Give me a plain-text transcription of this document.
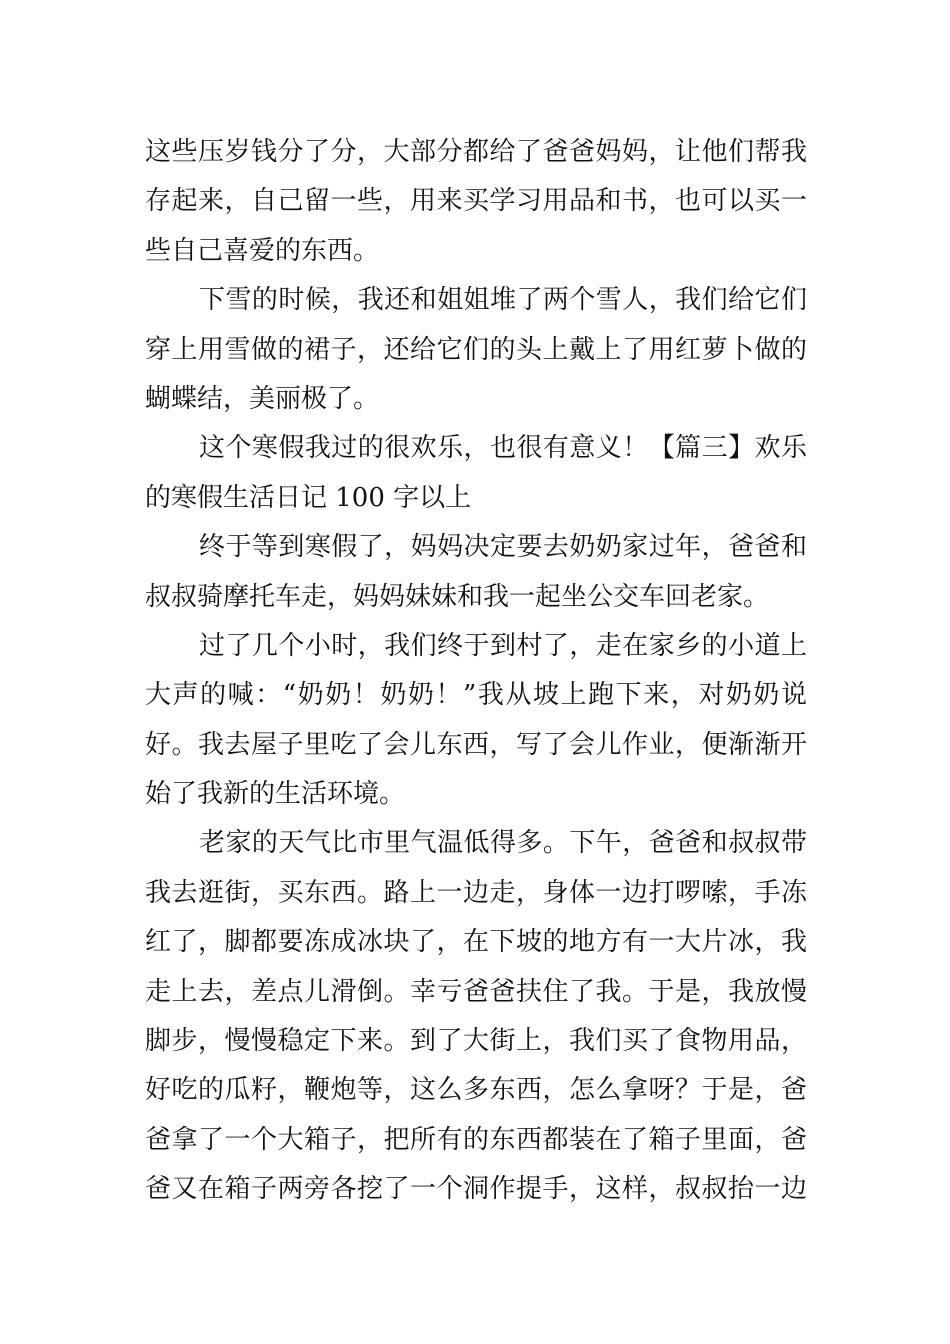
这些压岁钱分了分，大部分都给了爸爸妈妈，让他们帮我
存起来，自己留一些，用来买学习用品和书，也可以买一
些自己喜爱的东西。
下雪的时候，我还和姐姐堆了两个雪人，我们给它们
穿上用雪做的裙子，还给它们的头上戴上了用红萝卜做的
蝴蝶结，美丽极了。
这个寒假我过的很欢乐，也很有意义！【篇三】欢乐
的寒假生活日记 100 字以上
终于等到寒假了，妈妈决定要去奶奶家过年，爸爸和
叔叔骑摩托车走，妈妈妹妹和我一起坐公交车回老家。
过了几个小时，我们终于到村了，走在家乡的小道上
大声的喊：“奶奶！奶奶！”我从坡上跑下来，对奶奶说
好。我去屋子里吃了会儿东西，写了会儿作业，便渐渐开
始了我新的生活环境。
老家的天气比市里气温低得多。下午，爸爸和叔叔带
我去逛街，买东西。路上一边走，身体一边打啰嗦，手冻
红了，脚都要冻成冰块了，在下坡的地方有一大片冰，我
走上去，差点儿滑倒。幸亏爸爸扶住了我。于是，我放慢
脚步，慢慢稳定下来。到了大街上，我们买了食物用品，
好吃的瓜籽，鞭炮等，这么多东西，怎么拿呀？于是，爸
爸拿了一个大箱子，把所有的东西都装在了箱子里面，爸
爸又在箱子两旁各挖了一个洞作提手，这样，叔叔抬一边
